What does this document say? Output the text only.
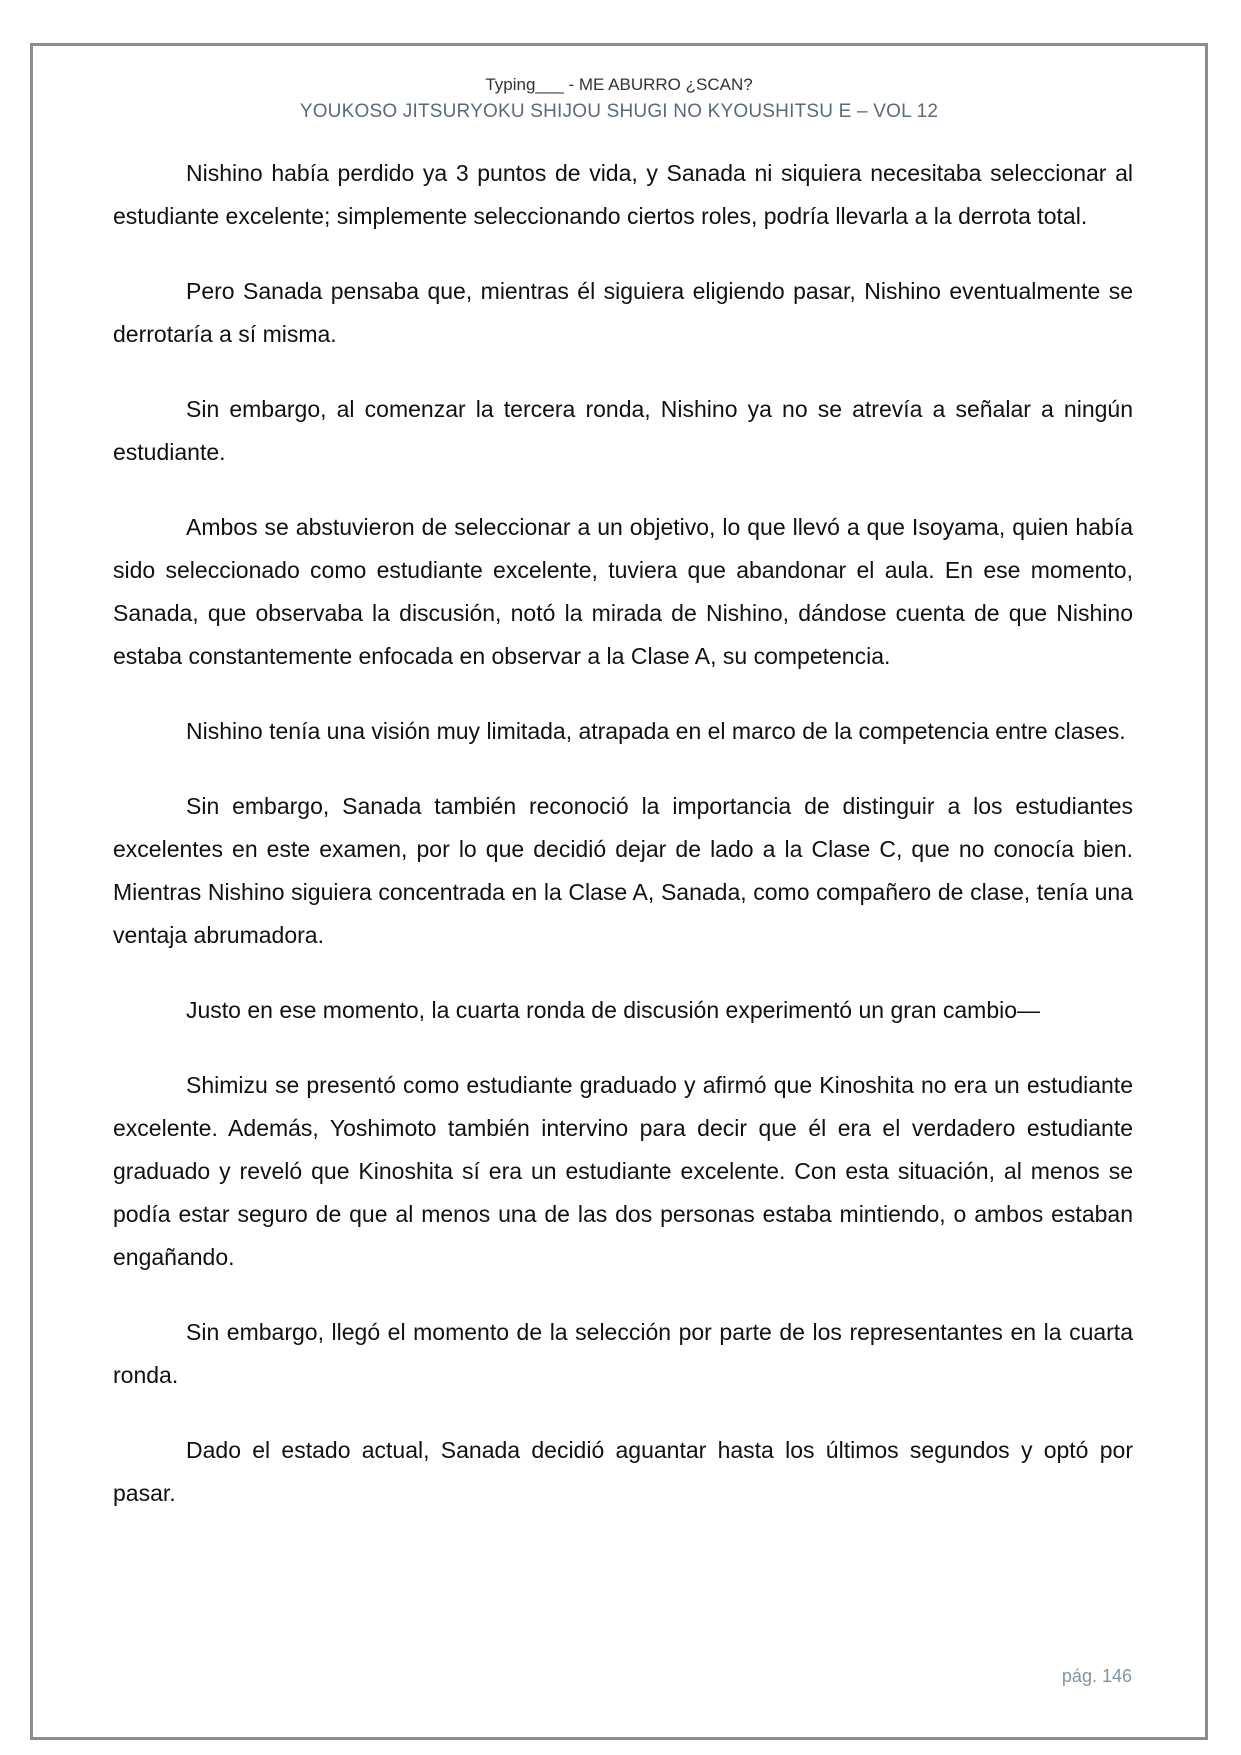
Typing___ - ME ABURRO ¿SCAN?
YOUKOSO JITSURYOKU SHIJOU SHUGI NO KYOUSHITSU E – VOL 12

Nishino había perdido ya 3 puntos de vida, y Sanada ni siquiera necesitaba seleccionar al estudiante excelente; simplemente seleccionando ciertos roles, podría llevarla a la derrota total.

Pero Sanada pensaba que, mientras él siguiera eligiendo pasar, Nishino eventualmente se derrotaría a sí misma.

Sin embargo, al comenzar la tercera ronda, Nishino ya no se atrevía a señalar a ningún estudiante.

Ambos se abstuvieron de seleccionar a un objetivo, lo que llevó a que Isoyama, quien había sido seleccionado como estudiante excelente, tuviera que abandonar el aula. En ese momento, Sanada, que observaba la discusión, notó la mirada de Nishino, dándose cuenta de que Nishino estaba constantemente enfocada en observar a la Clase A, su competencia.

Nishino tenía una visión muy limitada, atrapada en el marco de la competencia entre clases.

Sin embargo, Sanada también reconoció la importancia de distinguir a los estudiantes excelentes en este examen, por lo que decidió dejar de lado a la Clase C, que no conocía bien. Mientras Nishino siguiera concentrada en la Clase A, Sanada, como compañero de clase, tenía una ventaja abrumadora.

Justo en ese momento, la cuarta ronda de discusión experimentó un gran cambio—

Shimizu se presentó como estudiante graduado y afirmó que Kinoshita no era un estudiante excelente. Además, Yoshimoto también intervino para decir que él era el verdadero estudiante graduado y reveló que Kinoshita sí era un estudiante excelente. Con esta situación, al menos se podía estar seguro de que al menos una de las dos personas estaba mintiendo, o ambos estaban engañando.

Sin embargo, llegó el momento de la selección por parte de los representantes en la cuarta ronda.

Dado el estado actual, Sanada decidió aguantar hasta los últimos segundos y optó por pasar.

pág. 146
